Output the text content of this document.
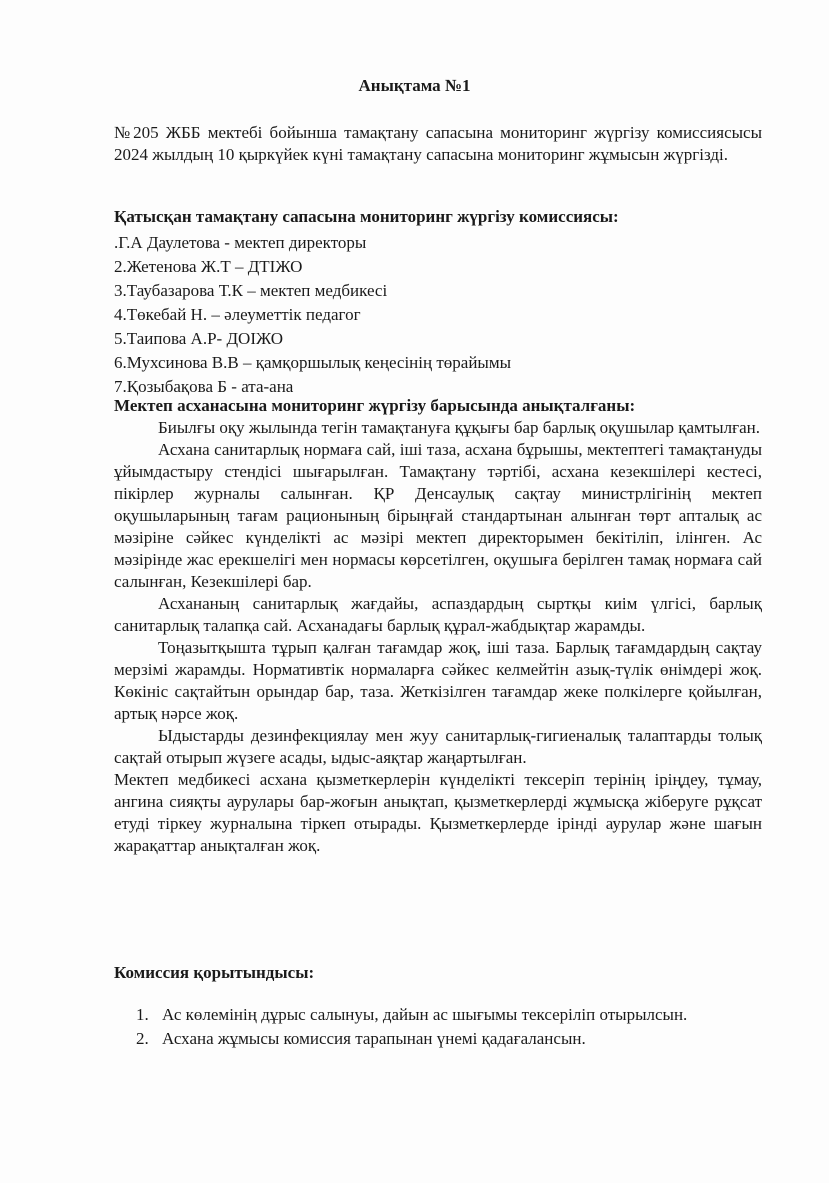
Анықтама №1
№205 ЖББ мектебі бойынша тамақтану сапасына мониторинг жүргізу комиссиясысы 2024 жылдың 10 қыркүйек күні тамақтану сапасына мониторинг жұмысын жүргізді.
Қатысқан тамақтану сапасына мониторинг жүргізу комиссиясы:
.Г.А Даулетова - мектеп директоры
2.Жетенова Ж.Т – ДТІЖО
3.Таубазарова Т.К – мектеп медбикесі
4.Төкебай Н. – әлеуметтік педагог
5.Таипова А.Р- ДОІЖО
6.Мухсинова В.В – қамқоршылық кеңесінің төрайымы
7.Қозыбақова Б - ата-ана
Мектеп асханасына мониторинг жүргізу барысында анықталғаны:

Биылғы оқу жылында тегін тамақтануға құқығы бар барлық оқушылар қамтылған.

Асхана санитарлық нормаға сай, іші таза, асхана бұрышы, мектептегі тамақтануды ұйымдастыру стендісі шығарылған. Тамақтану тәртібі, асхана кезекшілері кестесі, пікірлер журналы салынған. ҚР Денсаулық сақтау министрлігінің мектеп оқушыларының тағам рационының бірыңғай стандартынан алынған төрт апталық ас мәзіріне сәйкес күнделікті ас мәзірі мектеп директорымен бекітіліп, ілінген. Ас мәзірінде жас ерекшелігі мен нормасы көрсетілген, оқушыға берілген тамақ нормаға сай салынған, Кезекшілері бар.

Асхананың санитарлық жағдайы, аспаздардың сыртқы киім үлгісі, барлық санитарлық талапқа сай. Асханадағы барлық құрал-жабдықтар жарамды.

Тоңазытқышта тұрып қалған тағамдар жоқ, іші таза. Барлық тағамдардың сақтау мерзімі жарамды. Нормативтік нормаларға сәйкес келмейтін азық-түлік өнімдері жоқ. Көкініс сақтайтын орындар бар, таза. Жеткізілген тағамдар жеке полкілерге қойылған, артық нәрсе жоқ.

Ыдыстарды дезинфекциялау мен жуу санитарлық-гигиеналық талаптарды толық сақтай отырып жүзеге асады, ыдыс-аяқтар жаңартылған.

Мектеп медбикесі асхана қызметкерлерін күнделікті тексеріп терінің іріңдеу, тұмау, ангина сияқты аурулары бар-жоғын анықтап, қызметкерлерді жұмысқа жіберуге рұқсат етуді тіркеу журналына тіркеп отырады. Қызметкерлерде ірінді аурулар және шағын жарақаттар анықталған жоқ.

Комиссия қорытындысы:
1. Ас көлемінің дұрыс салынуы, дайын ас шығымы тексеріліп отырылсын.
2. Асхана жұмысы комиссия тарапынан үнемі қадағалансын.
